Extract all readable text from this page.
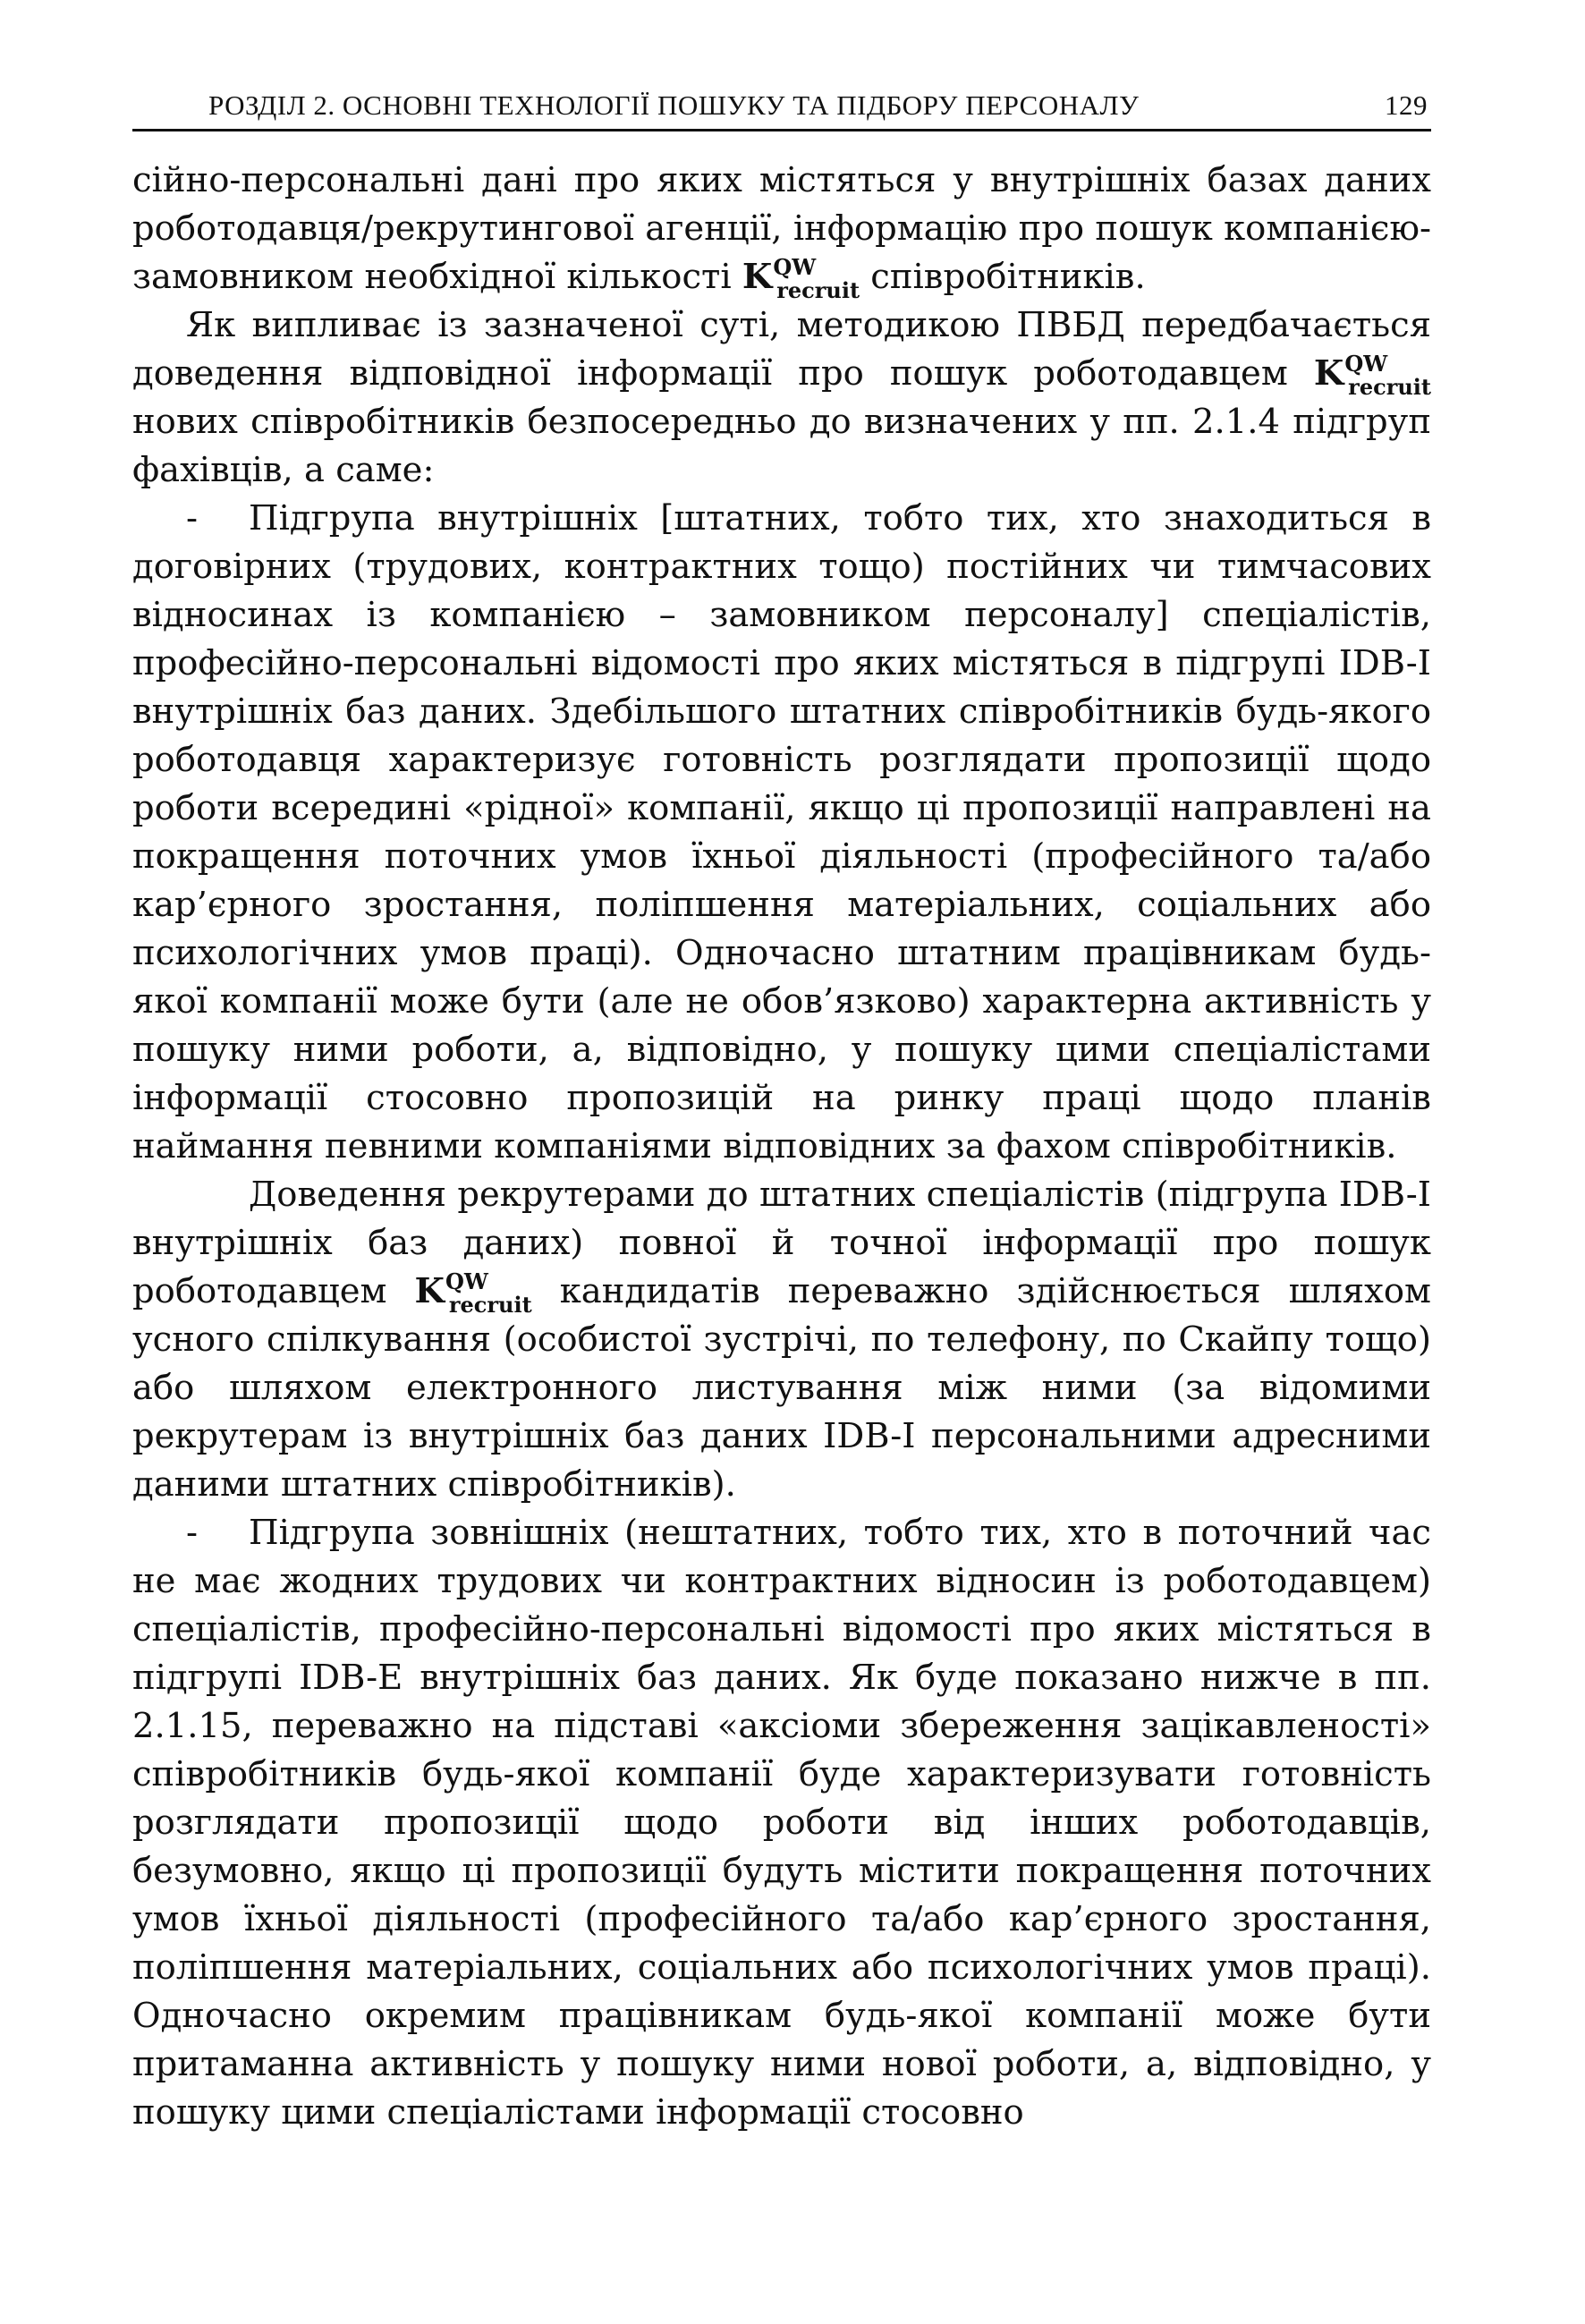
РОЗДІЛ 2. ОСНОВНІ ТЕХНОЛОГІЇ ПОШУКУ ТА ПІДБОРУ ПЕРСОНАЛУ	129

сійно-персональні дані про яких містяться у внутрішніх базах даних роботодавця/рекрутингової агенції, інформацію про пошук компанією-замовником необхідної кількості $K^{QW}_{recruit}$ співробітників.

Як випливає із зазначеної суті, методикою ПВБД передбачається доведення відповідної інформації про пошук роботодавцем $K^{QW}_{recruit}$ нових співробітників безпосередньо до визначених у пп. 2.1.4 підгруп фахівців, а саме:

- Підгрупа внутрішніх [штатних, тобто тих, хто знаходиться в договірних (трудових, контрактних тощо) постійних чи тимчасових відносинах із компанією – замовником персоналу] спеціалістів, професійно-персональні відомості про яких містяться в підгрупі IDB-I внутрішніх баз даних. Здебільшого штатних співробітників будь-якого роботодавця характеризує готовність розглядати пропозиції щодо роботи всередині «рідної» компанії, якщо ці пропозиції направлені на покращення поточних умов їхньої діяльності (професійного та/або кар’єрного зростання, поліпшення матеріальних, соціальних або психологічних умов праці). Одночасно штатним працівникам будь-якої компанії може бути (але не обов’язково) характерна активність у пошуку ними роботи, а, відповідно, у пошуку цими спеціалістами інформації стосовно пропозицій на ринку праці щодо планів наймання певними компаніями відповідних за фахом співробітників.

Доведення рекрутерами до штатних спеціалістів (підгрупа IDB-I внутрішніх баз даних) повної й точної інформації про пошук роботодавцем $K^{QW}_{recruit}$ кандидатів переважно здійснюється шляхом усного спілкування (особистої зустрічі, по телефону, по Скайпу тощо) або шляхом електронного листування між ними (за відомими рекрутерам із внутрішніх баз даних IDB-I персональними адресними даними штатних співробітників).

- Підгрупа зовнішніх (нештатних, тобто тих, хто в поточний час не має жодних трудових чи контрактних відносин із роботодавцем) спеціалістів, професійно-персональні відомості про яких містяться в підгрупі IDB-E внутрішніх баз даних. Як буде показано нижче в пп. 2.1.15, переважно на підставі «аксіоми збереження зацікавленості» співробітників будь-якої компанії буде характеризувати готовність розглядати пропозиції щодо роботи від інших роботодавців, безумовно, якщо ці пропозиції будуть містити покращення поточних умов їхньої діяльності (професійного та/або кар’єрного зростання, поліпшення матеріальних, соціальних або психологічних умов праці). Одночасно окремим працівникам будь-якої компанії може бути притаманна активність у пошуку ними нової роботи, а, відповідно, у пошуку цими спеціалістами інформації стосовно
